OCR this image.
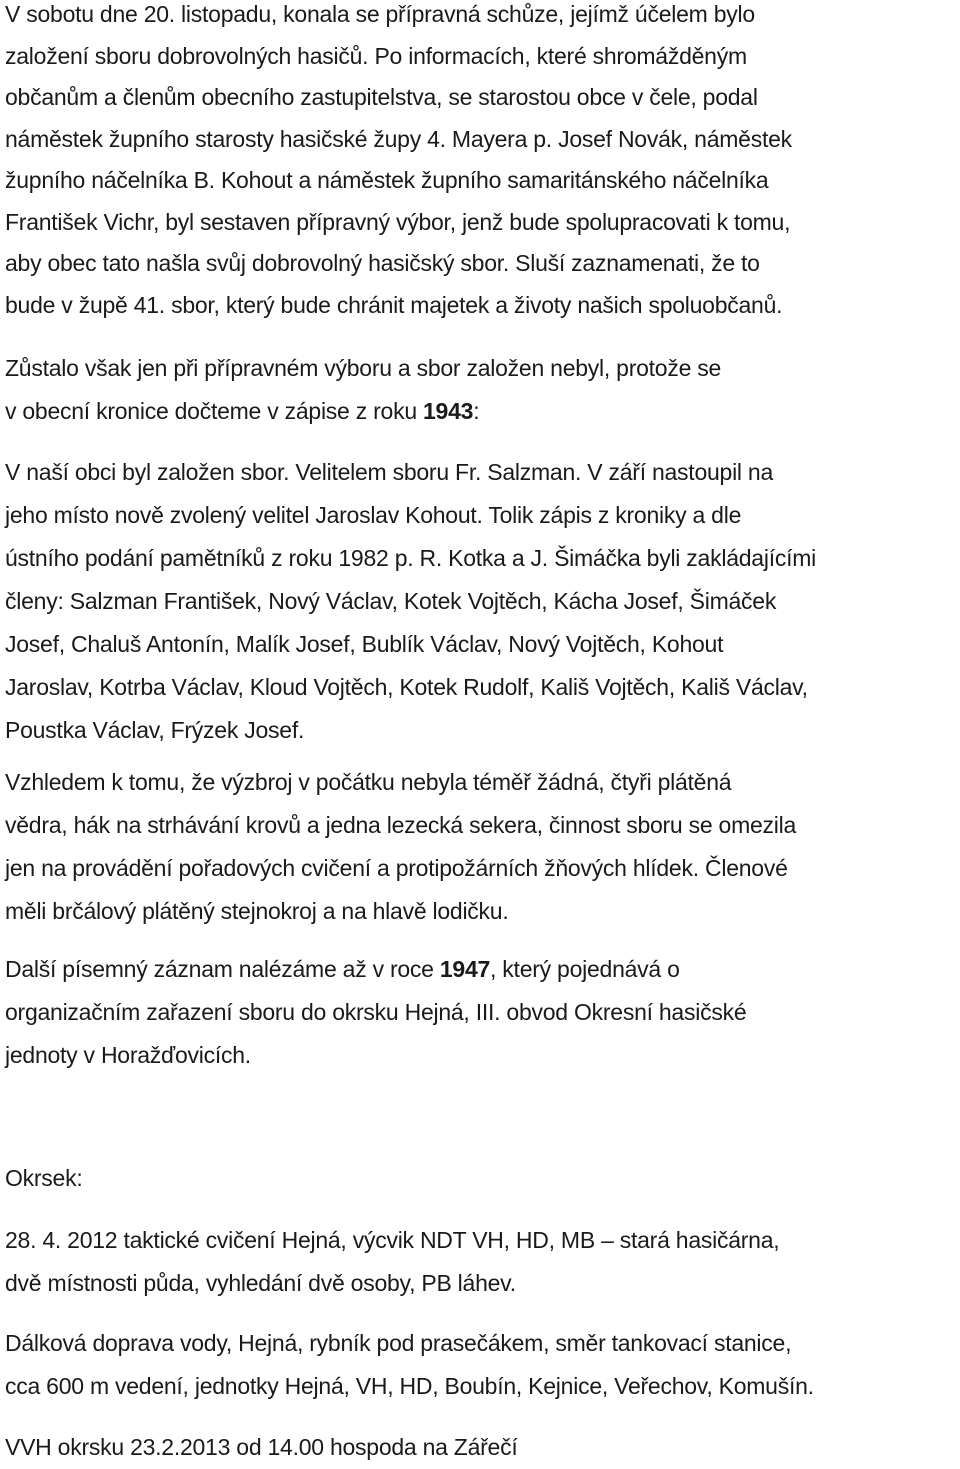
V sobotu dne 20. listopadu, konala se přípravná schůze, jejímž účelem bylo
založení sboru dobrovolných hasičů. Po informacích, které shromážděným
občanům a členům obecního zastupitelstva, se starostou obce v čele, podal
náměstek župního starosty hasičské župy 4. Mayera p. Josef Novák, náměstek
župního náčelníka B. Kohout a náměstek župního samaritánského náčelníka
František Vichr, byl sestaven přípravný výbor, jenž bude spolupracovati k tomu,
aby obec tato našla svůj dobrovolný hasičský sbor. Sluší zaznamenati, že to
bude v župě 41. sbor, který bude chránit majetek a životy našich spoluobčanů.
Zůstalo však jen při přípravném výboru a sbor založen nebyl, protože se
v obecní kronice dočteme v zápise z roku 1943:
V naší obci byl založen sbor. Velitelem sboru Fr. Salzman. V září nastoupil na
jeho místo nově zvolený velitel Jaroslav Kohout. Tolik zápis z kroniky a dle
ústního podání pamětníků z roku 1982 p. R. Kotka a J. Šimáčka byli zakládajícími
členy: Salzman František, Nový Václav, Kotek Vojtěch, Kácha Josef, Šimáček
Josef, Chaluš Antonín, Malík Josef, Bublík Václav, Nový Vojtěch, Kohout
Jaroslav, Kotrba Václav, Kloud Vojtěch, Kotek Rudolf, Kališ Vojtěch, Kališ Václav,
Poustka Václav, Frýzek Josef.
Vzhledem k tomu, že výzbroj v počátku nebyla téměř žádná, čtyři plátěná
vědra, hák na strhávání krovů a jedna lezecká sekera, činnost sboru se omezila
jen na provádění pořadových cvičení a protipožárních žňových hlídek. Členové
měli brčálový plátěný stejnokroj a na hlavě lodičku.
Další písemný záznam nalézáme až v roce 1947, který pojednává o
organizačním zařazení sboru do okrsku Hejná, III. obvod Okresní hasičské
jednoty v Horažďovicích.
Okrsek:
28. 4. 2012 taktické cvičení Hejná, výcvik NDT VH, HD, MB – stará hasičárna,
dvě místnosti půda, vyhledání dvě osoby, PB láhev.
Dálková doprava vody, Hejná, rybník pod prasečákem, směr tankovací stanice,
cca 600 m vedení, jednotky Hejná, VH, HD, Boubín, Kejnice, Veřechov, Komušín.
VVH okrsku 23.2.2013 od 14.00 hospoda na Zářečí
